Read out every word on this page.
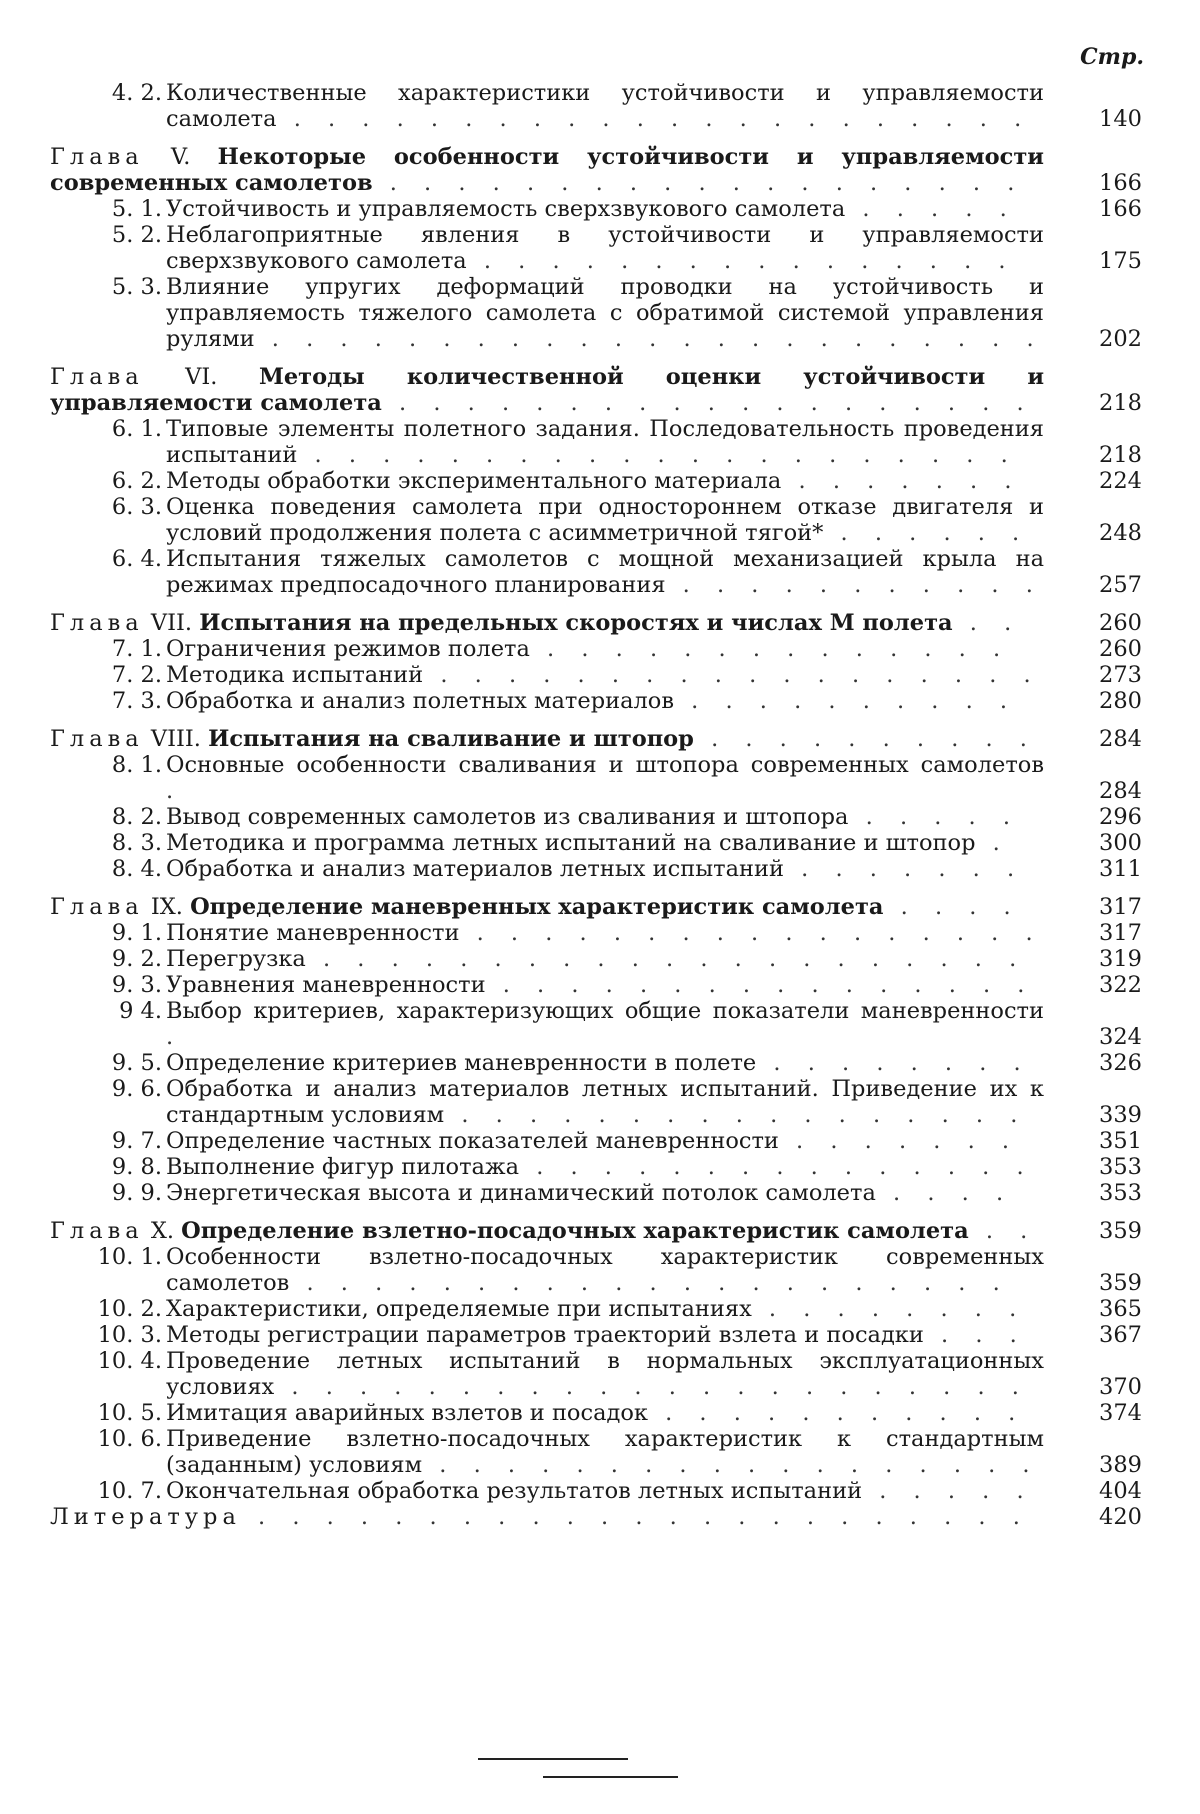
Стр.
4. 2. Количественные характеристики устойчивости и управляемости самолета . . . . . . . . . . . . . . . . . . . . . .	140
Глава V. Некоторые особенности устойчивости и управляемости современных самолетов . . . . . . . . . . . . . . . . . . .	166
5. 1. Устойчивость и управляемость сверхзвукового самолета . . . . .	166
5. 2. Неблагоприятные явления в устойчивости и управляемости сверхзвукового самолета . . . . . . . . . . . . . . . .	175
5. 3. Влияние упругих деформаций проводки на устойчивость и управляемость тяжелого самолета с обратимой системой управления рулями . . . . . . . . . . . . . . . . . . . . . . .	202
Глава VI. Методы количественной оценки устойчивости и управляемости самолета . . . . . . . . . . . . . . . . . . .	218
6. 1. Типовые элементы полетного задания. Последовательность проведения испытаний . . . . . . . . . . . . . . . . . . . . .	218
6. 2. Методы обработки экспериментального материала . . . . . . .	224
6. 3. Оценка поведения самолета при одностороннем отказе двигателя и условий продолжения полета с асимметричной тягой* . . . . . .	248
6. 4. Испытания тяжелых самолетов с мощной механизацией крыла на режимах предпосадочного планирования . . . . . . . . . . .	257
Глава VII. Испытания на предельных скоростях и числах М полета . .	260
7. 1. Ограничения режимов полета . . . . . . . . . . . . . .	260
7. 2. Методика испытаний . . . . . . . . . . . . . . . . . .	273
7. 3. Обработка и анализ полетных материалов . . . . . . . . . .	280
Глава VIII. Испытания на сваливание и штопор . . . . . . . . . .	284
8. 1. Основные особенности сваливания и штопора современных самолетов .	284
8. 2. Вывод современных самолетов из сваливания и штопора . . . . .	296
8. 3. Методика и программа летных испытаний на сваливание и штопор .	300
8. 4. Обработка и анализ материалов летных испытаний . . . . . . .	311
Глава IX. Определение маневренных характеристик самолета . . . .	317
9. 1. Понятие маневренности . . . . . . . . . . . . . . . . .	317
9. 2. Перегрузка . . . . . . . . . . . . . . . . . . . . .	319
9. 3. Уравнения маневренности . . . . . . . . . . . . . . . .	322
9 4. Выбор критериев, характеризующих общие показатели маневренности .	324
9. 5. Определение критериев маневренности в полете . . . . . . . .	326
9. 6. Обработка и анализ материалов летных испытаний. Приведение их к стандартным условиям . . . . . . . . . . . . . . . . .	339
9. 7. Определение частных показателей маневренности . . . . . . .	351
9. 8. Выполнение фигур пилотажа . . . . . . . . . . . . . . .	353
9. 9. Энергетическая высота и динамический потолок самолета . . . .	353
Глава X. Определение взлетно-посадочных характеристик самолета . .	359
10. 1. Особенности взлетно-посадочных характеристик современных самолетов . . . . . . . . . . . . . . . . . . . . .	359
10. 2. Характеристики, определяемые при испытаниях . . . . . . . .	365
10. 3. Методы регистрации параметров траекторий взлета и посадки . . .	367
10. 4. Проведение летных испытаний в нормальных эксплуатационных условиях . . . . . . . . . . . . . . . . . . . . . .	370
10. 5. Имитация аварийных взлетов и посадок . . . . . . . . . . .	374
10. 6. Приведение взлетно-посадочных характеристик к стандартным (заданным) условиям . . . . . . . . . . . . . . . . . .	389
10. 7. Окончательная обработка результатов летных испытаний . . . . .	404
Литература . . . . . . . . . . . . . . . . . . . . . . .	420
